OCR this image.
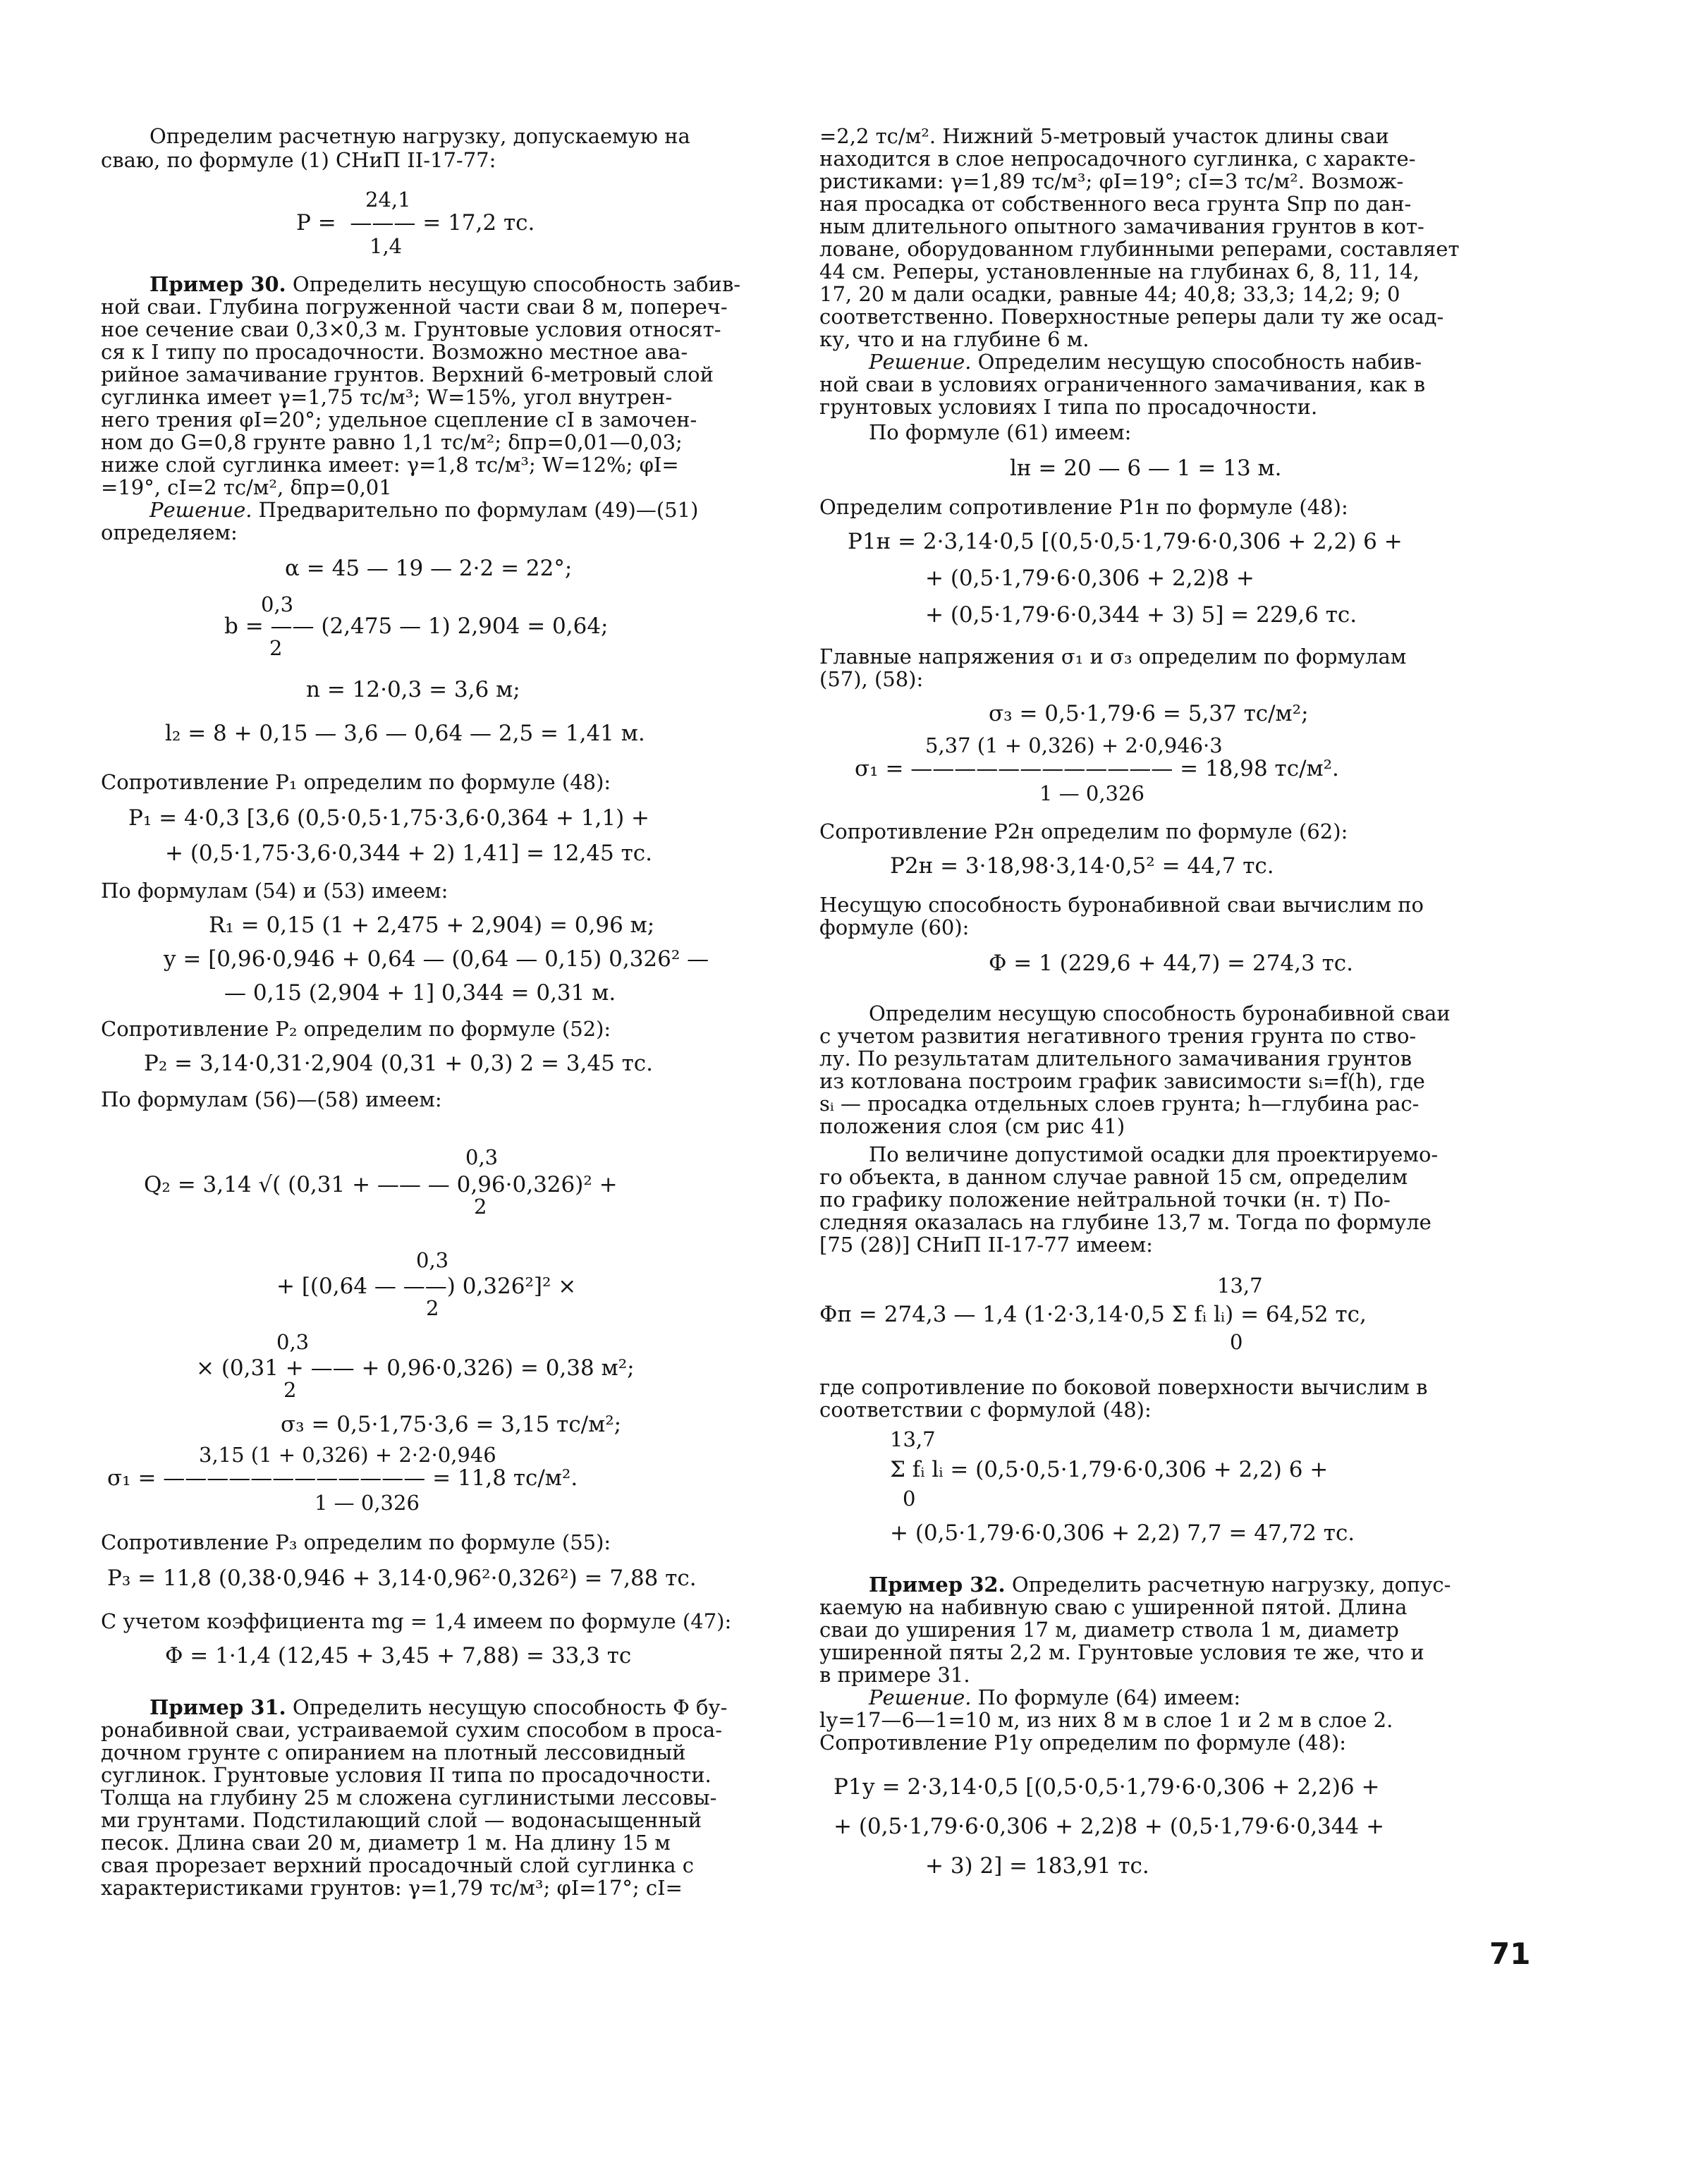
Определим расчетную нагрузку, допускаемую на
сваю, по формуле (1) СНиП II-17-77:
24,1
P =  ——— = 17,2 тс.
1,4
Пример 30. Определить несущую способность забив-
ной сваи. Глубина погруженной части сваи 8 м, попереч-
ное сечение сваи 0,3×0,3 м. Грунтовые условия относят-
ся к I типу по просадочности. Возможно местное ава-
рийное замачивание грунтов. Верхний 6-метровый слой
суглинка имеет γ=1,75 тс/м³; W=15%, угол внутрен-
него трения φI=20°; удельное сцепление cI в замочен-
ном до G=0,8 грунте равно 1,1 тс/м²; δпр=0,01—0,03;
ниже слой суглинка имеет: γ=1,8 тс/м³; W=12%; φI=
=19°, cI=2 тс/м², δпр=0,01
Решение. Предварительно по формулам (49)—(51)
определяем:
α = 45 — 19 — 2·2 = 22°;
0,3
b = —— (2,475 — 1) 2,904 = 0,64;
2
n = 12·0,3 = 3,6 м;
l₂ = 8 + 0,15 — 3,6 — 0,64 — 2,5 = 1,41 м.
Сопротивление P₁ определим по формуле (48):
P₁ = 4·0,3 [3,6 (0,5·0,5·1,75·3,6·0,364 + 1,1) +
+ (0,5·1,75·3,6·0,344 + 2) 1,41] = 12,45 тс.
По формулам (54) и (53) имеем:
R₁ = 0,15 (1 + 2,475 + 2,904) = 0,96 м;
y = [0,96·0,946 + 0,64 — (0,64 — 0,15) 0,326² —
— 0,15 (2,904 + 1] 0,344 = 0,31 м.
Сопротивление P₂ определим по формуле (52):
P₂ = 3,14·0,31·2,904 (0,31 + 0,3) 2 = 3,45 тс.
По формулам (56)—(58) имеем:
0,3
Q₂ = 3,14 √( (0,31 + —— — 0,96·0,326)² +
2
0,3
+ [(0,64 — ——) 0,326²]² ×
2
0,3
× (0,31 + —— + 0,96·0,326) = 0,38 м²;
2
σ₃ = 0,5·1,75·3,6 = 3,15 тс/м²;
3,15 (1 + 0,326) + 2·2·0,946
σ₁ = ———————————— = 11,8 тс/м².
1 — 0,326
Сопротивление P₃ определим по формуле (55):
P₃ = 11,8 (0,38·0,946 + 3,14·0,96²·0,326²) = 7,88 тс.
С учетом коэффициента mg = 1,4 имеем по формуле (47):
Φ = 1·1,4 (12,45 + 3,45 + 7,88) = 33,3 тс
Пример 31. Определить несущую способность Φ бу-
ронабивной сваи, устраиваемой сухим способом в проса-
дочном грунте с опиранием на плотный лессовидный
суглинок. Грунтовые условия II типа по просадочности.
Толща на глубину 25 м сложена суглинистыми лессовы-
ми грунтами. Подстилающий слой — водонасыщенный
песок. Длина сваи 20 м, диаметр 1 м. На длину 15 м
свая прорезает верхний просадочный слой суглинка с
характеристиками грунтов: γ=1,79 тс/м³; φI=17°; cI=
=2,2 тс/м². Нижний 5-метровый участок длины сваи
находится в слое непросадочного суглинка, с характе-
ристиками: γ=1,89 тс/м³; φI=19°; cI=3 тс/м². Возмож-
ная просадка от собственного веса грунта Sпр по дан-
ным длительного опытного замачивания грунтов в кот-
ловане, оборудованном глубинными реперами, составляет
44 см. Реперы, установленные на глубинах 6, 8, 11, 14,
17, 20 м дали осадки, равные 44; 40,8; 33,3; 14,2; 9; 0
соответственно. Поверхностные реперы дали ту же осад-
ку, что и на глубине 6 м.
Решение. Определим несущую способность набив-
ной сваи в условиях ограниченного замачивания, как в
грунтовых условиях I типа по просадочности.
По формуле (61) имеем:
lн = 20 — 6 — 1 = 13 м.
Определим сопротивление P1н по формуле (48):
P1н = 2·3,14·0,5 [(0,5·0,5·1,79·6·0,306 + 2,2) 6 +
+ (0,5·1,79·6·0,306 + 2,2)8 +
+ (0,5·1,79·6·0,344 + 3) 5] = 229,6 тс.
Главные напряжения σ₁ и σ₃ определим по формулам
(57), (58):
σ₃ = 0,5·1,79·6 = 5,37 тс/м²;
5,37 (1 + 0,326) + 2·0,946·3
σ₁ = ———————————— = 18,98 тс/м².
1 — 0,326
Сопротивление P2н определим по формуле (62):
P2н = 3·18,98·3,14·0,5² = 44,7 тс.
Несущую способность буронабивной сваи вычислим по
формуле (60):
Φ = 1 (229,6 + 44,7) = 274,3 тс.
Определим несущую способность буронабивной сваи
с учетом развития негативного трения грунта по ство-
лу. По результатам длительного замачивания грунтов
из котлована построим график зависимости sᵢ=f(h), где
sᵢ — просадка отдельных слоев грунта; h—глубина рас-
положения слоя (см рис 41)
По величине допустимой осадки для проектируемо-
го объекта, в данном случае равной 15 см, определим
по графику положение нейтральной точки (н. т) По-
следняя оказалась на глубине 13,7 м. Тогда по формуле
[75 (28)] СНиП II-17-77 имеем:
13,7
Φп = 274,3 — 1,4 (1·2·3,14·0,5 Σ fᵢ lᵢ) = 64,52 тс,
0
где сопротивление по боковой поверхности вычислим в
соответствии с формулой (48):
13,7
Σ fᵢ lᵢ = (0,5·0,5·1,79·6·0,306 + 2,2) 6 +
0
+ (0,5·1,79·6·0,306 + 2,2) 7,7 = 47,72 тс.
Пример 32. Определить расчетную нагрузку, допус-
каемую на набивную сваю с уширенной пятой. Длина
сваи до уширения 17 м, диаметр ствола 1 м, диаметр
уширенной пяты 2,2 м. Грунтовые условия те же, что и
в примере 31.
Решение. По формуле (64) имеем:
lу=17—6—1=10 м, из них 8 м в слое 1 и 2 м в слое 2.
Сопротивление P1у определим по формуле (48):
P1у = 2·3,14·0,5 [(0,5·0,5·1,79·6·0,306 + 2,2)6 +
+ (0,5·1,79·6·0,306 + 2,2)8 + (0,5·1,79·6·0,344 +
+ 3) 2] = 183,91 тс.
71
